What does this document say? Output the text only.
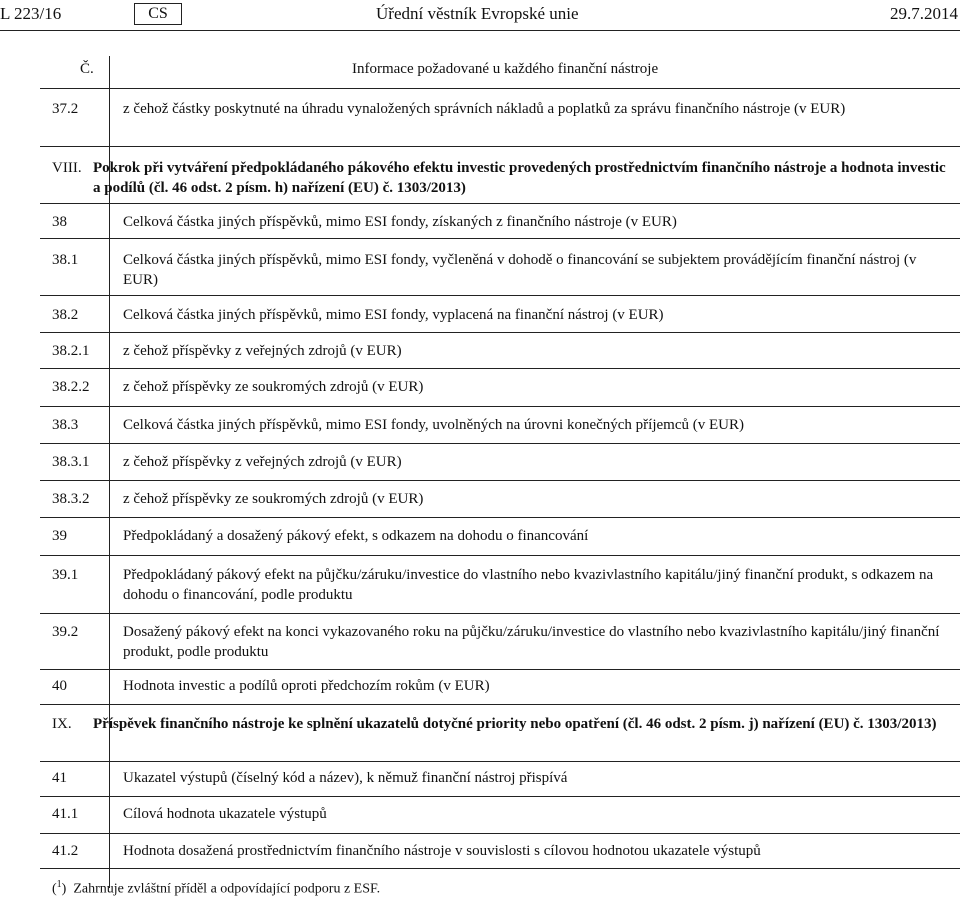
L 223/16	CS	Úřední věstník Evropské unie	29.7.2014
Č.	Informace požadované u každého finanční nástroje
37.2	z čehož částky poskytnuté na úhradu vynaložených správních nákladů a poplatků za správu finančního nástroje (v EUR)
VIII. Pokrok při vytváření předpokládaného pákového efektu investic provedených prostřednictvím finančního nástroje a hodnota investic a podílů (čl. 46 odst. 2 písm. h) nařízení (EU) č. 1303/2013)
38	Celková částka jiných příspěvků, mimo ESI fondy, získaných z finančního nástroje (v EUR)
38.1	Celková částka jiných příspěvků, mimo ESI fondy, vyčleněná v dohodě o financování se subjektem provádějícím finanční nástroj (v EUR)
38.2	Celková částka jiných příspěvků, mimo ESI fondy, vyplacená na finanční nástroj (v EUR)
38.2.1 z čehož příspěvky z veřejných zdrojů (v EUR)
38.2.2 z čehož příspěvky ze soukromých zdrojů (v EUR)
38.3	Celková částka jiných příspěvků, mimo ESI fondy, uvolněných na úrovni konečných příjemců (v EUR)
38.3.1 z čehož příspěvky z veřejných zdrojů (v EUR)
38.3.2 z čehož příspěvky ze soukromých zdrojů (v EUR)
39	Předpokládaný a dosažený pákový efekt, s odkazem na dohodu o financování
39.1	Předpokládaný pákový efekt na půjčku/záruku/investice do vlastního nebo kvazivlastního kapitálu/jiný finanční produkt, s odkazem na dohodu o financování, podle produktu
39.2	Dosažený pákový efekt na konci vykazovaného roku na půjčku/záruku/investice do vlastního nebo kvazivlastního kapitálu/jiný finanční produkt, podle produktu
40	Hodnota investic a podílů oproti předchozím rokům (v EUR)
IX. Příspěvek finančního nástroje ke splnění ukazatelů dotyčné priority nebo opatření (čl. 46 odst. 2 písm. j) nařízení (EU) č. 1303/2013)
41	Ukazatel výstupů (číselný kód a název), k němuž finanční nástroj přispívá
41.1	Cílová hodnota ukazatele výstupů
41.2	Hodnota dosažená prostřednictvím finančního nástroje v souvislosti s cílovou hodnotou ukazatele výstupů
($^1$)  Zahrnuje zvláštní příděl a odpovídající podporu z ESF.
